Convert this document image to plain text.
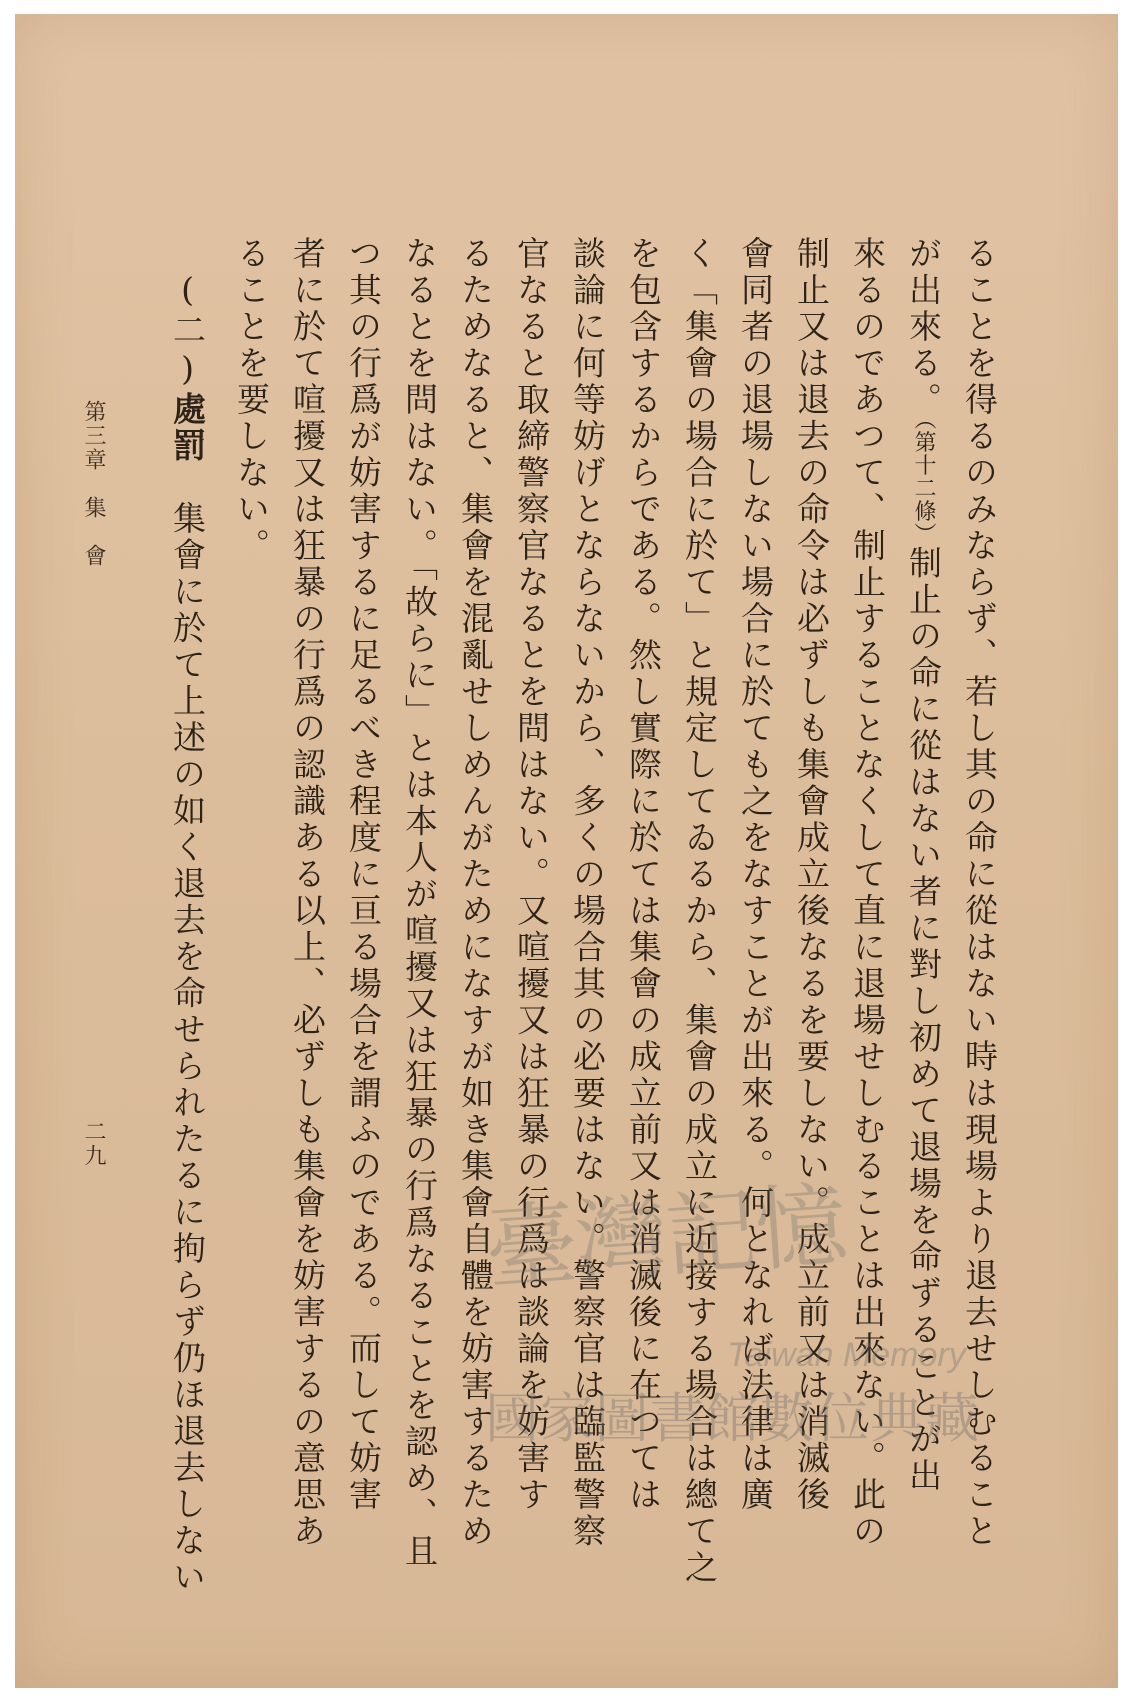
ることを得るのみならず、若し其の命に從はない時は現場より退去せしむること
が出來る。（第十二條）制止の命に從はない者に對し初めて退場を命ずることが出
來るのであつて、制止することなくして直に退場せしむることは出來ない。此の
制止又は退去の命令は必ずしも集會成立後なるを要しない。成立前又は消滅後
會同者の退場しない場合に於ても之をなすことが出來る。何となれば法律は廣
く「集會の場合に於て」と規定してゐるから、集會の成立に近接する場合は總て之
を包含するからである。然し實際に於ては集會の成立前又は消滅後に在つては
談論に何等妨げとならないから、多くの場合其の必要はない。警察官は臨監警察
官なると取締警察官なるとを問はない。又喧擾又は狂暴の行爲は談論を妨害す
るためなると、集會を混亂せしめんがためになすが如き集會自體を妨害するため
なるとを問はない。「故らに」とは本人が喧擾又は狂暴の行爲なることを認め、且
つ其の行爲が妨害するに足るべき程度に亘る場合を謂ふのである。而して妨害
者に於て喧擾又は狂暴の行爲の認識ある以上、必ずしも集會を妨害するの意思あ
ることを要しない。
(二)處罰　集會に於て上述の如く退去を命せられたるに拘らず仍ほ退去しない
第三章　集　會
二九
臺灣記憶
Taiwan Memory
國家圖書館數位典藏
